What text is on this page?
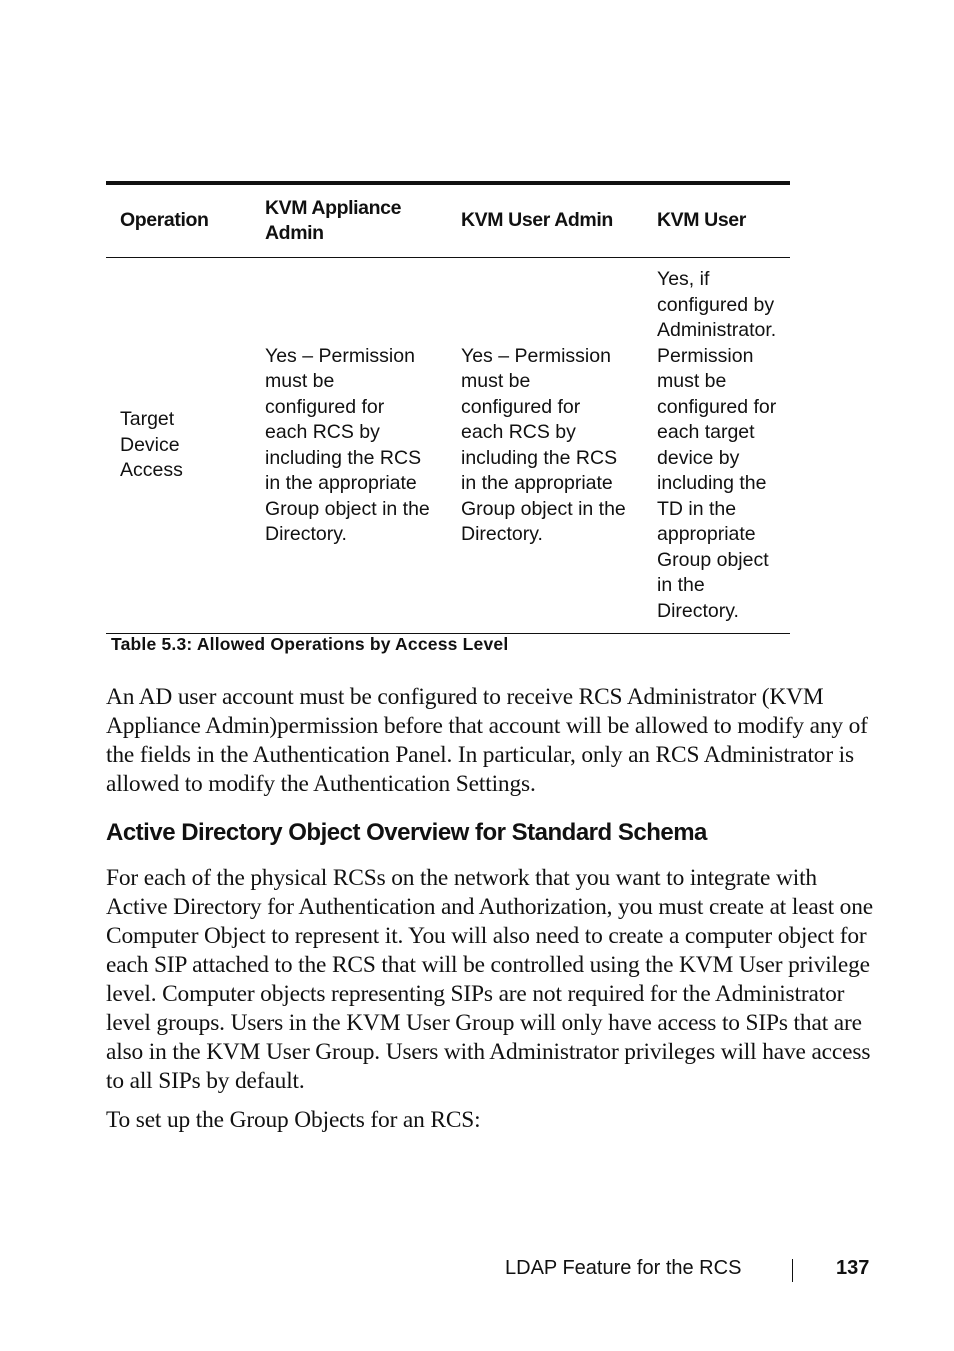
Operation
KVM Appliance
Admin
KVM User Admin	KVM User
Target
Device
Access
Yes – Permission
must be
configured for
each RCS by
including the RCS
in the appropriate
Group object in the
Directory.
Yes – Permission
must be
configured for
each RCS by
including the RCS
in the appropriate
Group object in the
Directory.
Yes, if
configured by
Administrator.
Permission
must be
configured for
each target
device by
including the
TD in the
appropriate
Group object
in the
Directory.
Table 5.3: Allowed Operations by Access Level

An AD user account must be configured to receive RCS Administrator (KVM Appliance Admin)permission before that account will be allowed to modify any of the fields in the Authentication Panel. In particular, only an RCS Administrator is allowed to modify the Authentication Settings.

Active Directory Object Overview for Standard Schema

For each of the physical RCSs on the network that you want to integrate with Active Directory for Authentication and Authorization, you must create at least one Computer Object to represent it. You will also need to create a computer object for each SIP attached to the RCS that will be controlled using the KVM User privilege level. Computer objects representing SIPs are not required for the Administrator level groups. Users in the KVM User Group will only have access to SIPs that are also in the KVM User Group. Users with Administrator privileges will have access to all SIPs by default.

To set up the Group Objects for an RCS:

LDAP Feature for the RCS	137
